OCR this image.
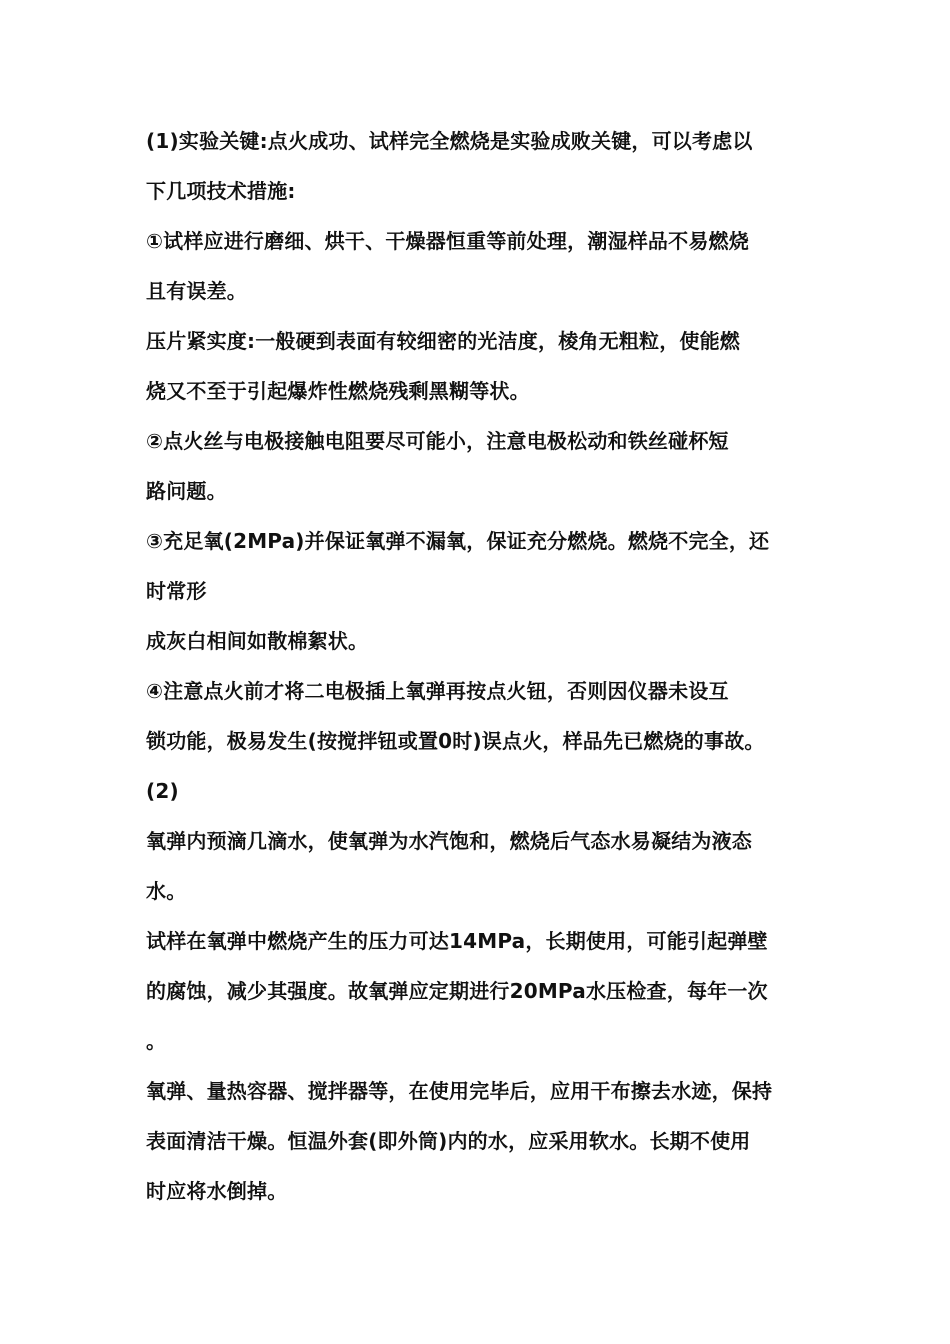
(1)实验关键:点火成功、试样完全燃烧是实验成败关键，可以考虑以
下几项技术措施:
①试样应进行磨细、烘干、干燥器恒重等前处理，潮湿样品不易燃烧
且有误差。
压片紧实度:一般硬到表面有较细密的光洁度，棱角无粗粒，使能燃
烧又不至于引起爆炸性燃烧残剩黑糊等状。
②点火丝与电极接触电阻要尽可能小，注意电极松动和铁丝碰杯短
路问题。
③充足氧(2MPa)并保证氧弹不漏氧，保证充分燃烧。燃烧不完全，还
时常形
成灰白相间如散棉絮状。
④注意点火前才将二电极插上氧弹再按点火钮，否则因仪器未设互
锁功能，极易发生(按搅拌钮或置0时)误点火，样品先已燃烧的事故。
(2)
氧弹内预滴几滴水，使氧弹为水汽饱和，燃烧后气态水易凝结为液态
水。
试样在氧弹中燃烧产生的压力可达14MPa，长期使用，可能引起弹壁
的腐蚀，减少其强度。故氧弹应定期进行20MPa水压检查，每年一次
。
氧弹、量热容器、搅拌器等，在使用完毕后，应用干布擦去水迹，保持
表面清洁干燥。恒温外套(即外筒)内的水，应采用软水。长期不使用
时应将水倒掉。
